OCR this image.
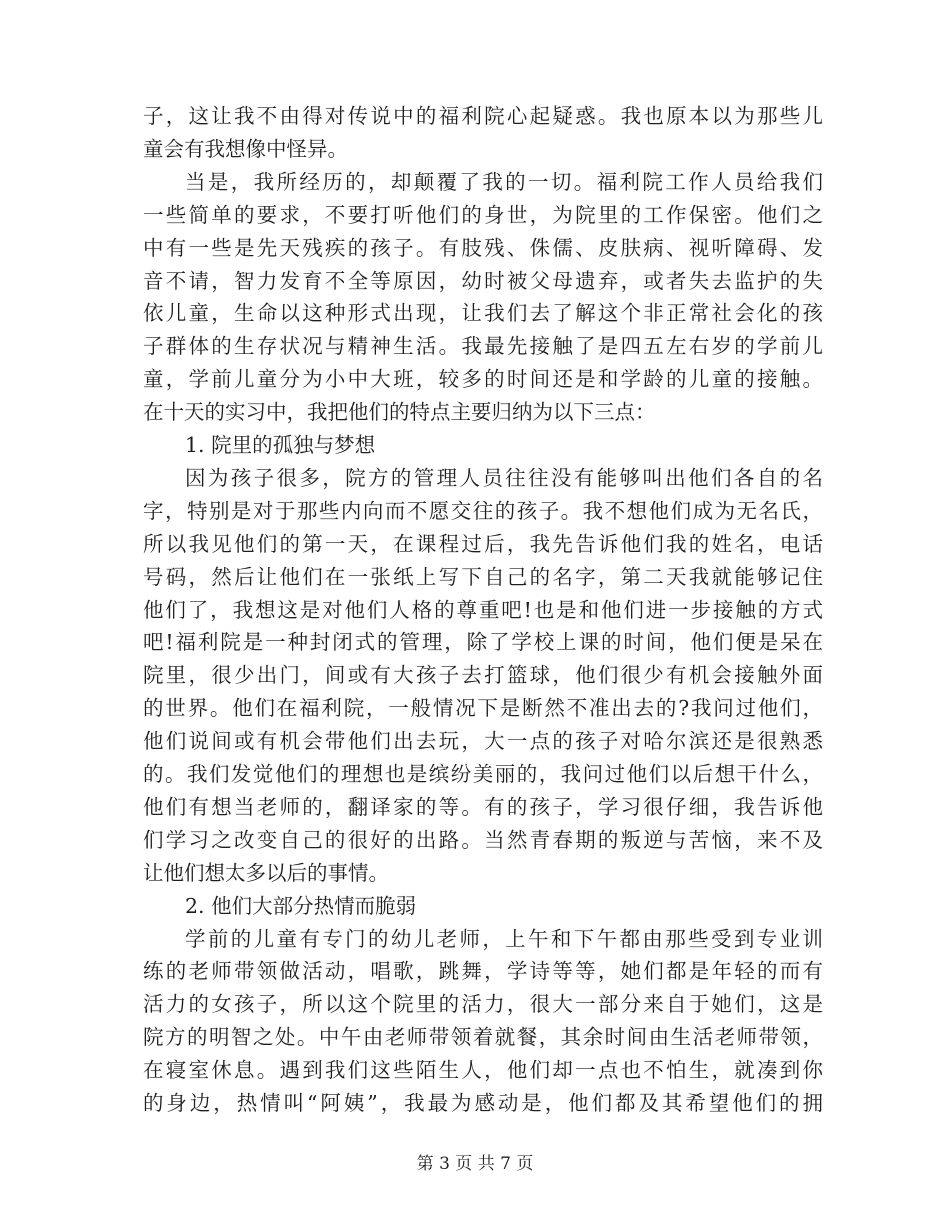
子，这让我不由得对传说中的福利院心起疑惑。我也原本以为那些儿
童会有我想像中怪异。
当是，我所经历的，却颠覆了我的一切。福利院工作人员给我们
一些简单的要求，不要打听他们的身世，为院里的工作保密。他们之
中有一些是先天残疾的孩子。有肢残、侏儒、皮肤病、视听障碍、发
音不请，智力发育不全等原因，幼时被父母遗弃，或者失去监护的失
依儿童，生命以这种形式出现，让我们去了解这个非正常社会化的孩
子群体的生存状况与精神生活。我最先接触了是四五左右岁的学前儿
童，学前儿童分为小中大班，较多的时间还是和学龄的儿童的接触。
在十天的实习中，我把他们的特点主要归纳为以下三点：
1. 院里的孤独与梦想
因为孩子很多，院方的管理人员往往没有能够叫出他们各自的名
字，特别是对于那些内向而不愿交往的孩子。我不想他们成为无名氏，
所以我见他们的第一天，在课程过后，我先告诉他们我的姓名，电话
号码，然后让他们在一张纸上写下自己的名字，第二天我就能够记住
他们了，我想这是对他们人格的尊重吧!也是和他们进一步接触的方式
吧!福利院是一种封闭式的管理，除了学校上课的时间，他们便是呆在
院里，很少出门，间或有大孩子去打篮球，他们很少有机会接触外面
的世界。他们在福利院，一般情况下是断然不准出去的?我问过他们，
他们说间或有机会带他们出去玩，大一点的孩子对哈尔滨还是很熟悉
的。我们发觉他们的理想也是缤纷美丽的，我问过他们以后想干什么，
他们有想当老师的，翻译家的等。有的孩子，学习很仔细，我告诉他
们学习之改变自己的很好的出路。当然青春期的叛逆与苦恼，来不及
让他们想太多以后的事情。
2. 他们大部分热情而脆弱
学前的儿童有专门的幼儿老师，上午和下午都由那些受到专业训
练的老师带领做活动，唱歌，跳舞，学诗等等，她们都是年轻的而有
活力的女孩子，所以这个院里的活力，很大一部分来自于她们，这是
院方的明智之处。中午由老师带领着就餐，其余时间由生活老师带领，
在寝室休息。遇到我们这些陌生人，他们却一点也不怕生，就凑到你
的身边，热情叫“阿姨”，我最为感动是，他们都及其希望他们的拥
第 3 页 共 7 页
